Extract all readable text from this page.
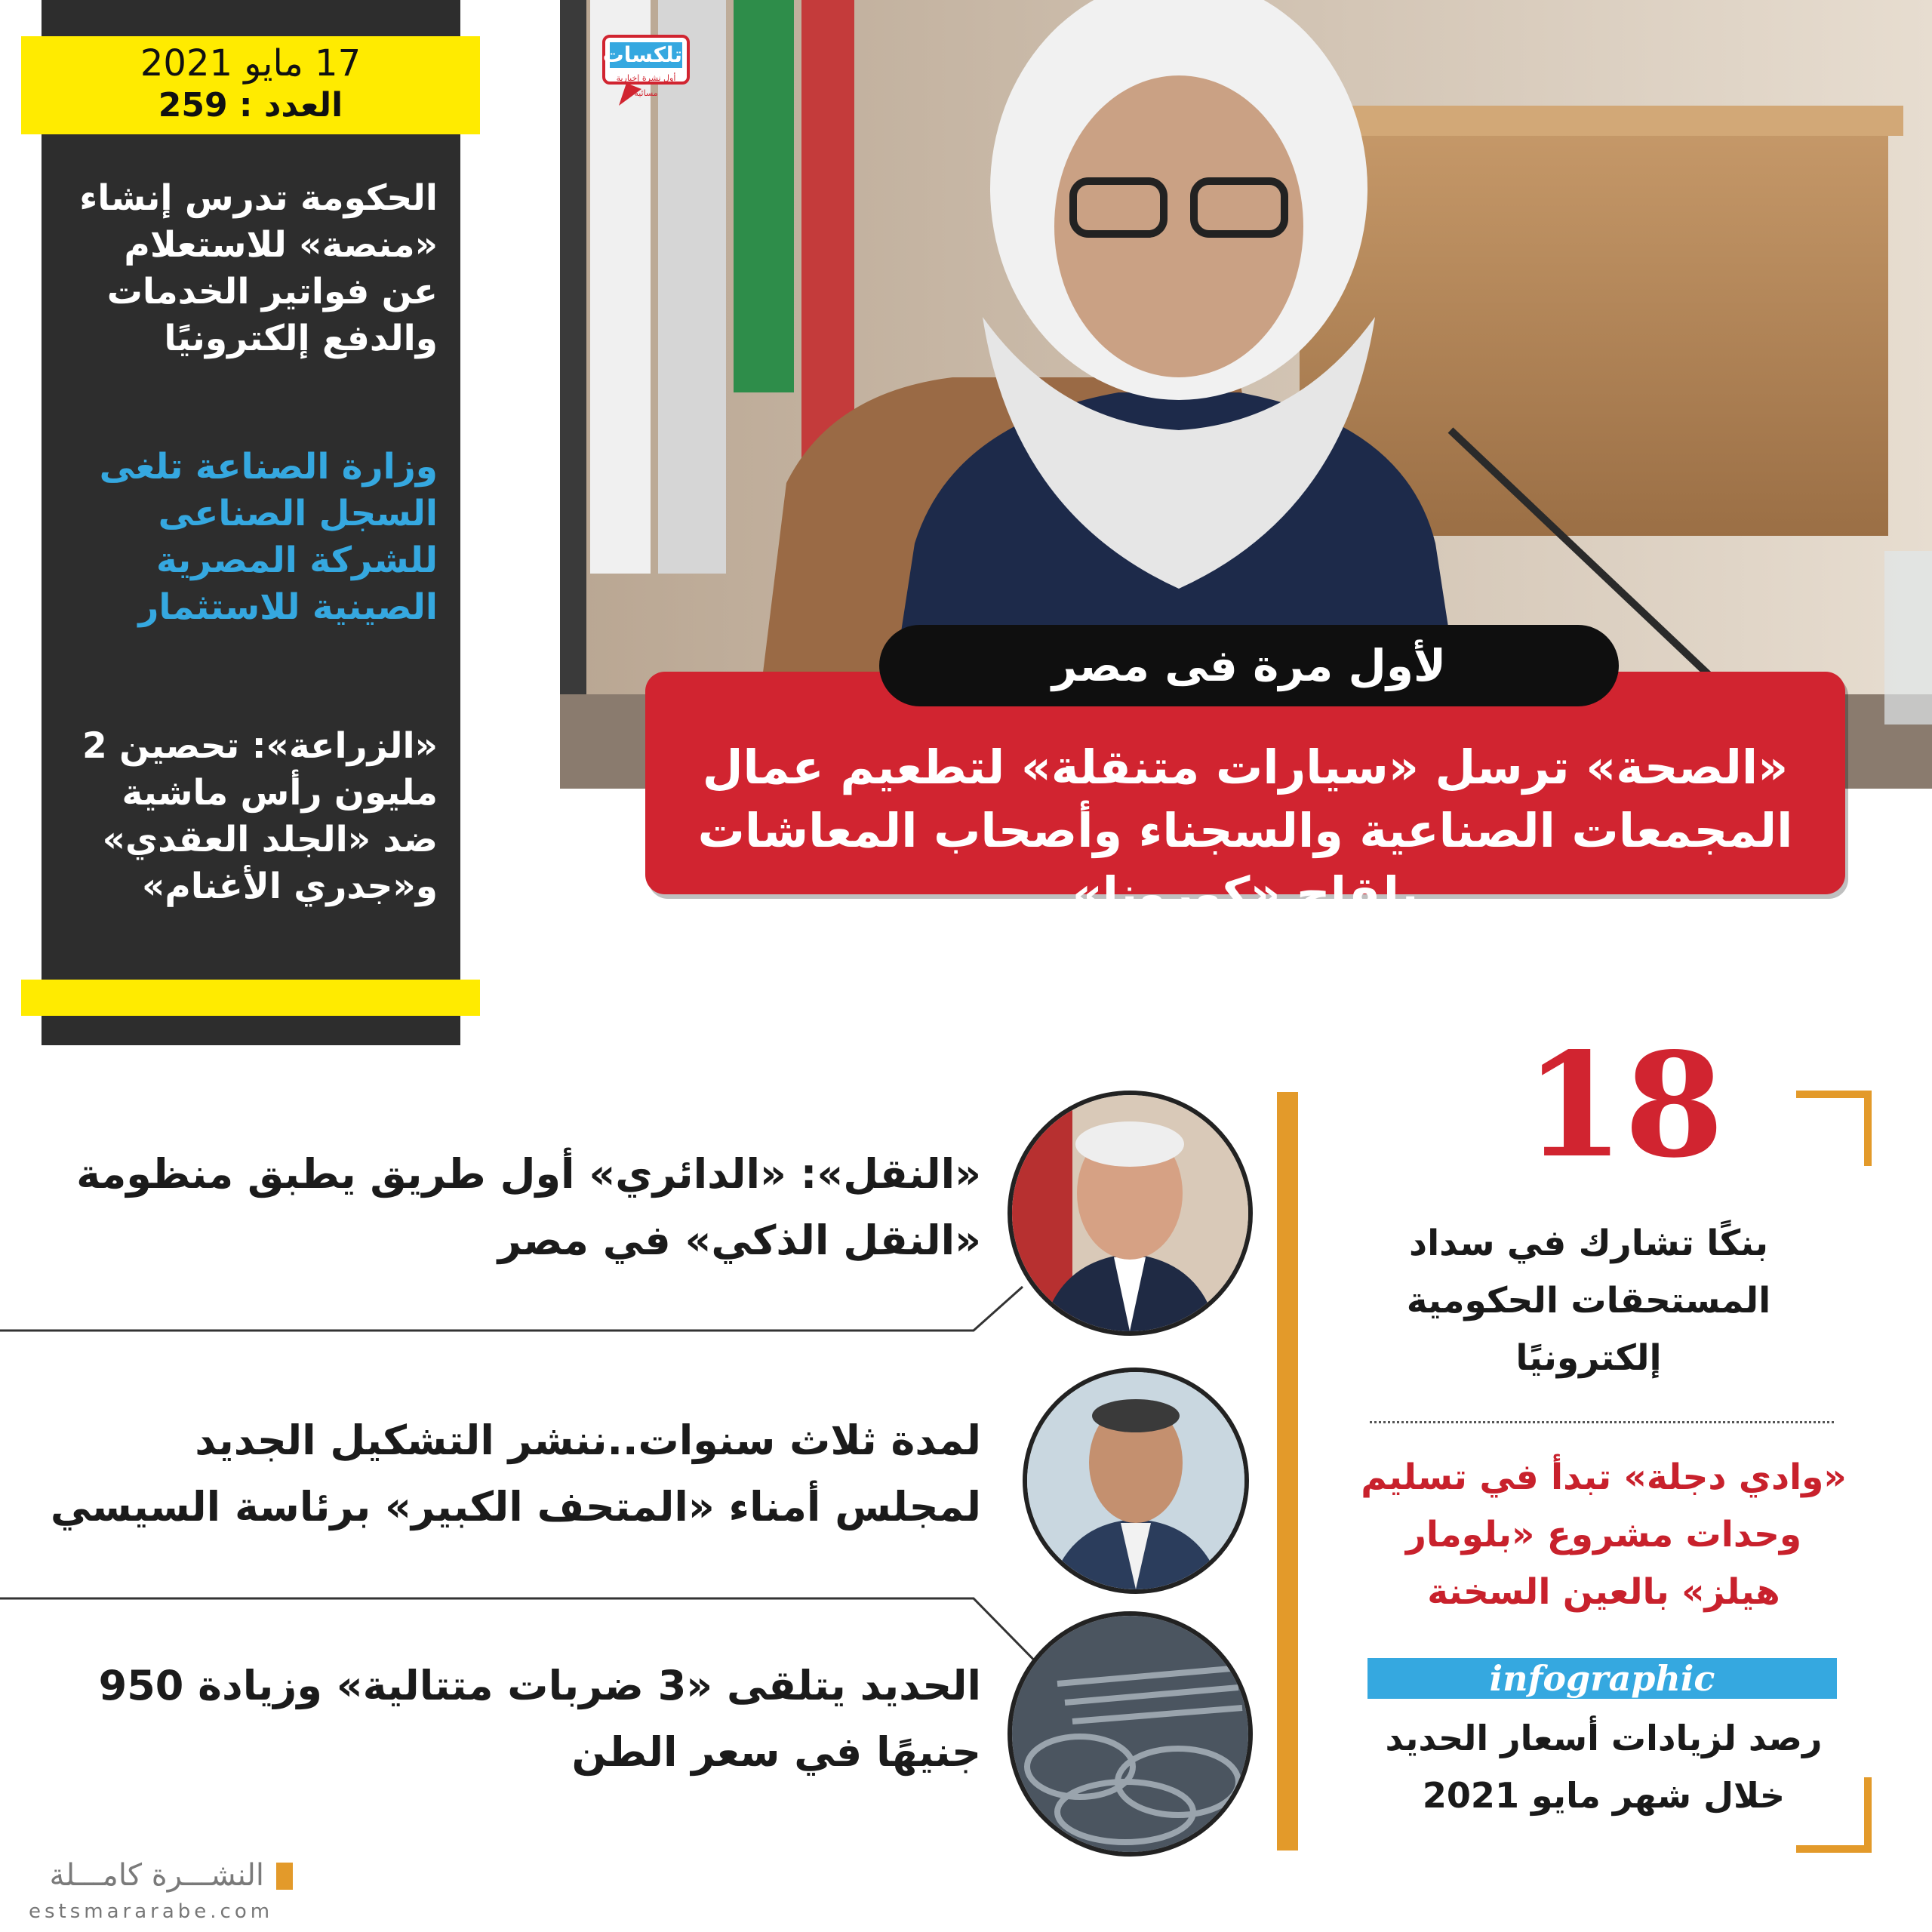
17 مايو 2021
العدد : 259
الحكومة تدرس إنشاء «منصة» للاستعلام عن فواتير الخدمات والدفع إلكترونيًا
وزارة الصناعة تلغى السجل الصناعى للشركة المصرية الصينية للاستثمار
«الزراعة»: تحصين 2 مليون رأس ماشية ضد «الجلد العقدي» و«جدري الأغنام»
تلكسات
أول نشرة إخبارية مسائية
«الصحة» ترسل «سيارات متنقلة» لتطعيم عمال المجمعات الصناعية والسجناء وأصحاب المعاشات بلقاح «كورونا»
لأول مرة فى مصر
«النقل»: «الدائري» أول طريق يطبق منظومة «النقل الذكي» في مصر
لمدة ثلاث سنوات..ننشر التشكيل الجديد لمجلس أمناء «المتحف الكبير» برئاسة السيسي
الحديد يتلقى «3 ضربات متتالية» وزيادة 950 جنيهًا في سعر الطن
18
بنكًا تشارك في سداد المستحقات الحكومية إلكترونيًا
«وادي دجلة» تبدأ في تسليم وحدات مشروع «بلومار هيلز» بالعين السخنة
infographic
رصد لزيادات أسعار الحديد خلال شهر مايو 2021
النشـــرة كامـــلة
estsmararabe.com
